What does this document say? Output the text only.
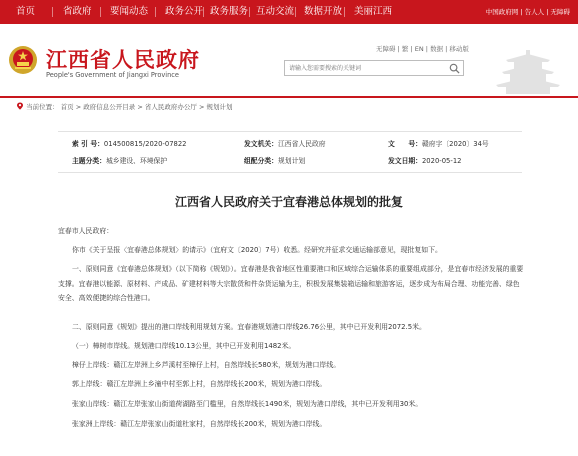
首页	省政府 要闻动态 政务公开 政务服务 互动交流 数据开放 美丽江西	中国政府网 | 告人人 | 无障碍
江西省人民政府
People's Government of Jiangxi Province
无障碍 | 繁 | EN | 数据 | 移动版
请输入您需要搜索的关键词
当前位置： 首页 > 政府信息公开目录 > 省人民政府办公厅 > 规划计划
索 引 号：014500815/2020-07822	发文机关：江西省人民政府	文　　号：赣府字〔2020〕34号
主题分类：城乡建设、环境保护	组配分类：规划计划	发文日期：2020-05-12
江西省人民政府关于宜春港总体规划的批复
宜春市人民政府：
你市《关于呈报〈宜春港总体规划〉的请示》（宜府文〔2020〕7号）收悉。经研究并征求交通运输部意见，现批复如下。
一、原则同意《宜春港总体规划》（以下简称《规划》）。宜春港是我省地区性重要港口和区域综合运输体系的重要组成部分，是宜春市经济发展的重要支撑。宜春港以能源、原材料、产成品、矿建材料等大宗散货和件杂货运输为主，积极发展集装箱运输和旅游客运，逐步成为布局合理、功能完善、绿色安全、高效便捷的综合性港口。
二、原则同意《规划》提出的港口岸线利用规划方案。宜春港规划港口岸线26.76公里，其中已开发利用2072.5米。
（一）樟树市岸线。规划港口岸线10.13公里，其中已开发利用1482米。
樟仔上岸线：赣江左岸洲上乡芦溪村至樟仔上村，自然岸线长580米，规划为港口岸线。
郭上岸线：赣江左岸洲上乡潼中村至郭上村，自然岸线长200米，规划为港口岸线。
张家山岸线：赣江左岸张家山街道荷湖路至门槛里，自然岸线长1490米，规划为港口岸线，其中已开发利用30米。
张家洲上岸线：赣江左岸张家山街道杜家村，自然岸线长200米，规划为港口岸线。
